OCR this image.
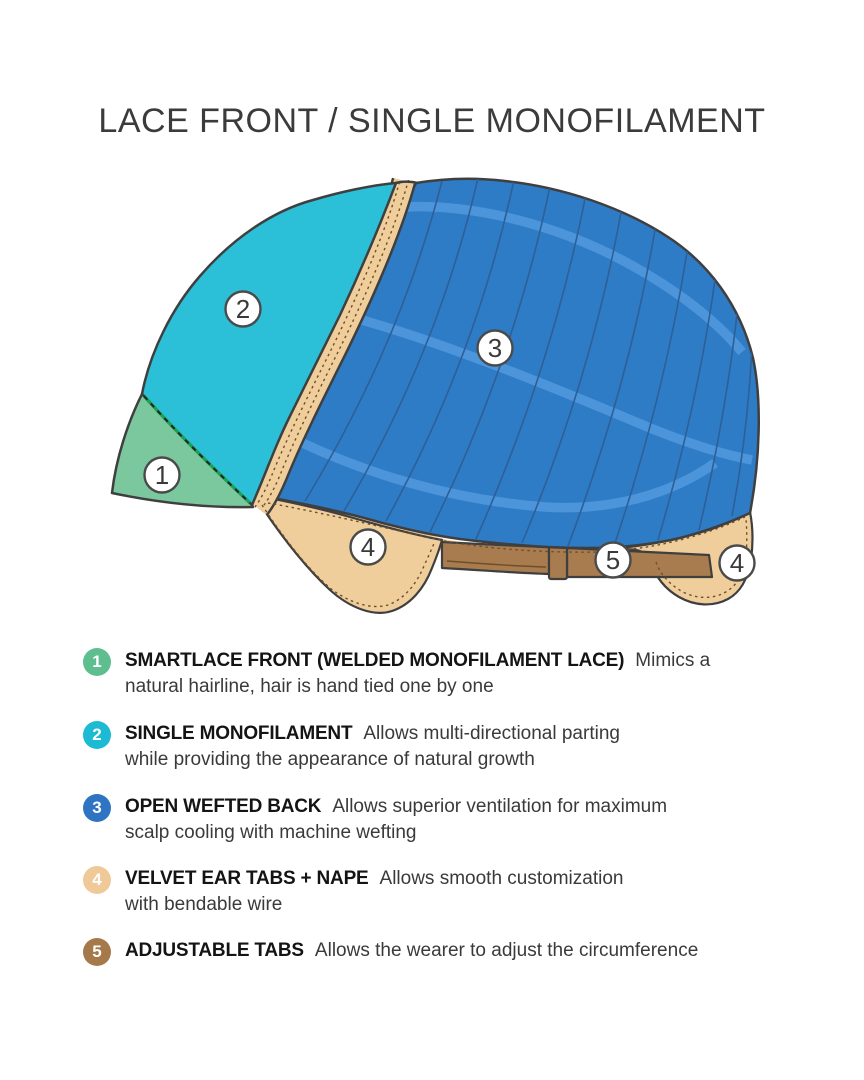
LACE FRONT / SINGLE MONOFILAMENT
1
2
3
4	5	4
1 SMARTLACE FRONT (WELDED MONOFILAMENT LACE) Mimics a
natural hairline, hair is hand tied one by one
2 SINGLE MONOFILAMENT Allows multi-directional parting
while providing the appearance of natural growth
3 OPEN WEFTED BACK Allows superior ventilation for maximum
scalp cooling with machine wefting
4 VELVET EAR TABS + NAPE Allows smooth customization
with bendable wire
5 ADJUSTABLE TABS Allows the wearer to adjust the circumference
